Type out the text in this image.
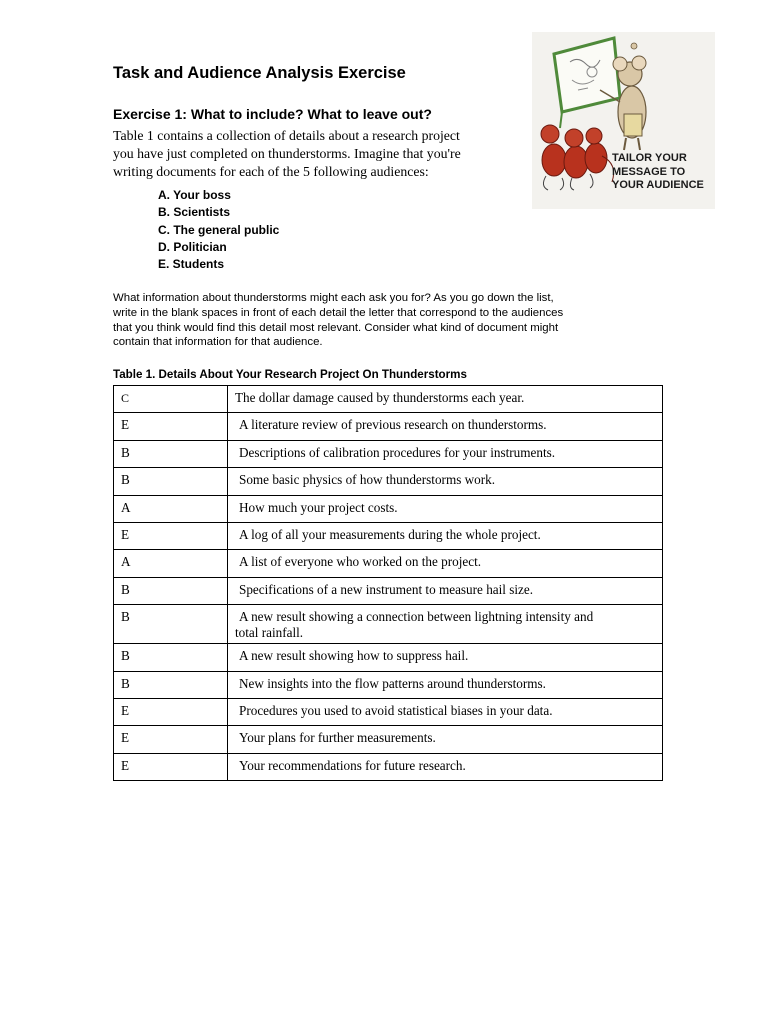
Task and Audience Analysis Exercise
Exercise 1: What to include? What to leave out?
Table 1 contains a collection of details about a research project
you have just completed on thunderstorms. Imagine that you're
writing documents for each of the 5 following audiences:
A. Your boss
B. Scientists
C. The general public
D. Politician
E. Students
What information about thunderstorms might each ask you for? As you go down the list,
write in the blank spaces in front of each detail the letter that correspond to the audiences
that you think would find this detail most relevant. Consider what kind of document might
contain that information for that audience.
Table 1. Details About Your Research Project On Thunderstorms
C	The dollar damage caused by thunderstorms each year.
E	A literature review of previous research on thunderstorms.
B	Descriptions of calibration procedures for your instruments.
B	Some basic physics of how thunderstorms work.
A	How much your project costs.
E	A log of all your measurements during the whole project.
A	A list of everyone who worked on the project.
B	Specifications of a new instrument to measure hail size.
B	A new result showing a connection between lightning intensity and
total rainfall.
B	A new result showing how to suppress hail.
B	New insights into the flow patterns around thunderstorms.
E	Procedures you used to avoid statistical biases in your data.
E	Your plans for further measurements.
E	Your recommendations for future research.
TAILOR YOUR
MESSAGE TO
YOUR AUDIENCE
